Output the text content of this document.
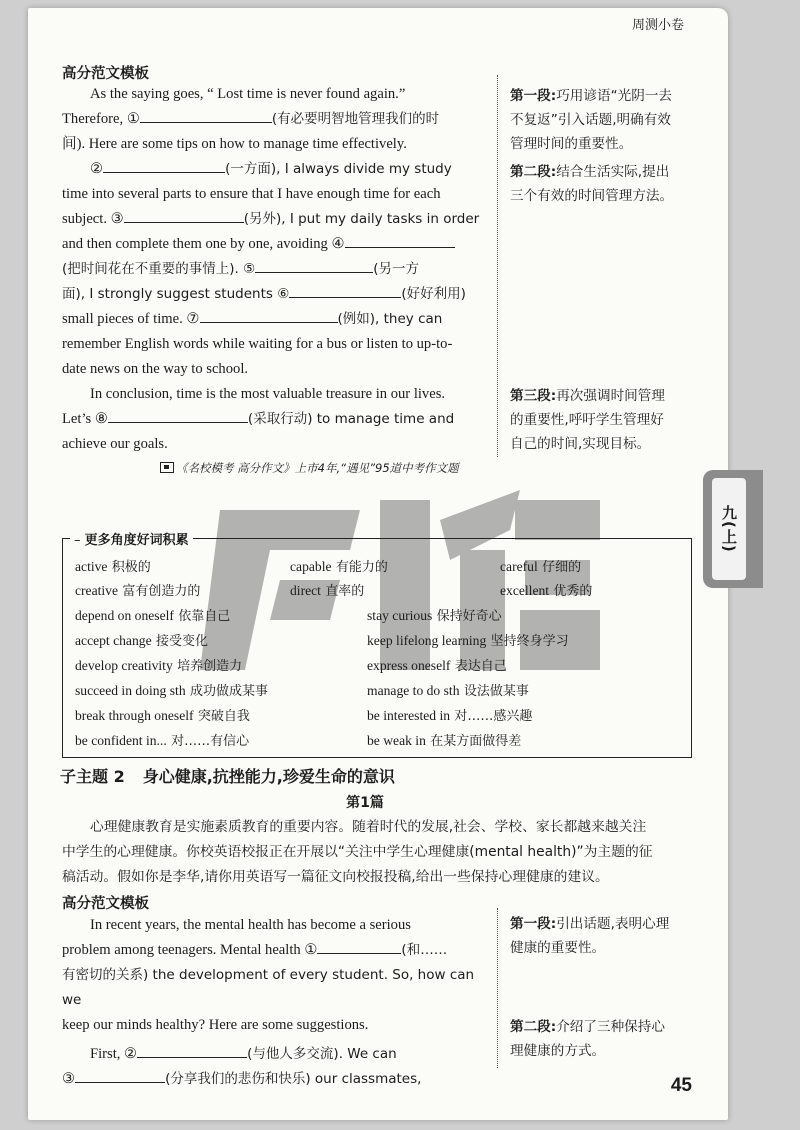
周测小卷
九(上)
高分范文模板
As the saying goes, “ Lost time is never found again.”
Therefore, ①	(有必要明智地管理我们的时
间). Here are some tips on how to manage time effectively.
②	(一方面), I always divide my study
time into several parts to ensure that I have enough time for each
subject. ③	(另外), I put my daily tasks in order
and then complete them one by one, avoiding ④
(把时间花在不重要的事情上). ⑤	(另一方
面), I strongly suggest students ⑥	(好好利用)
small pieces of time. ⑦	(例如), they can
remember English words while waiting for a bus or listen to up-to-
date news on the way to school.
In conclusion, time is the most valuable treasure in our lives.
Let’s ⑧	(采取行动) to manage time and
achieve our goals.
第一段:巧用谚语“光阴一去
不复返”引入话题,明确有效
管理时间的重要性。
第二段:结合生活实际,提出
三个有效的时间管理方法。
第三段:再次强调时间管理
的重要性,呼吁学生管理好
自己的时间,实现目标。
《名校模考 高分作文》上市4年,“遇见”95道中考作文题
– 更多角度好词积累
active 积极的	capable 有能力的	careful 仔细的
creative 富有创造力的	direct 直率的	excellent 优秀的
depend on oneself 依靠自己	stay curious 保持好奇心
accept change 接受变化	keep lifelong learning 坚持终身学习
develop creativity 培养创造力	express oneself 表达自己
succeed in doing sth 成功做成某事	manage to do sth 设法做某事
break through oneself 突破自我	be interested in 对……感兴趣
be confident in... 对……有信心	be weak in 在某方面做得差
子主题 2 身心健康,抗挫能力,珍爱生命的意识
第1篇
心理健康教育是实施素质教育的重要内容。随着时代的发展,社会、学校、家长都越来越关注
中学生的心理健康。你校英语校报正在开展以“关注中学生心理健康(mental health)”为主题的征
稿活动。假如你是李华,请你用英语写一篇征文向校报投稿,给出一些保持心理健康的建议。
高分范文模板
In recent years, the mental health has become a serious
problem among teenagers. Mental health ①	(和……
有密切的关系) the development of every student. So, how can we
keep our minds healthy? Here are some suggestions.
First, ②	(与他人多交流). We can
③	(分享我们的悲伤和快乐) our classmates,
第一段:引出话题,表明心理
健康的重要性。
第二段:介绍了三种保持心
理健康的方式。
45
